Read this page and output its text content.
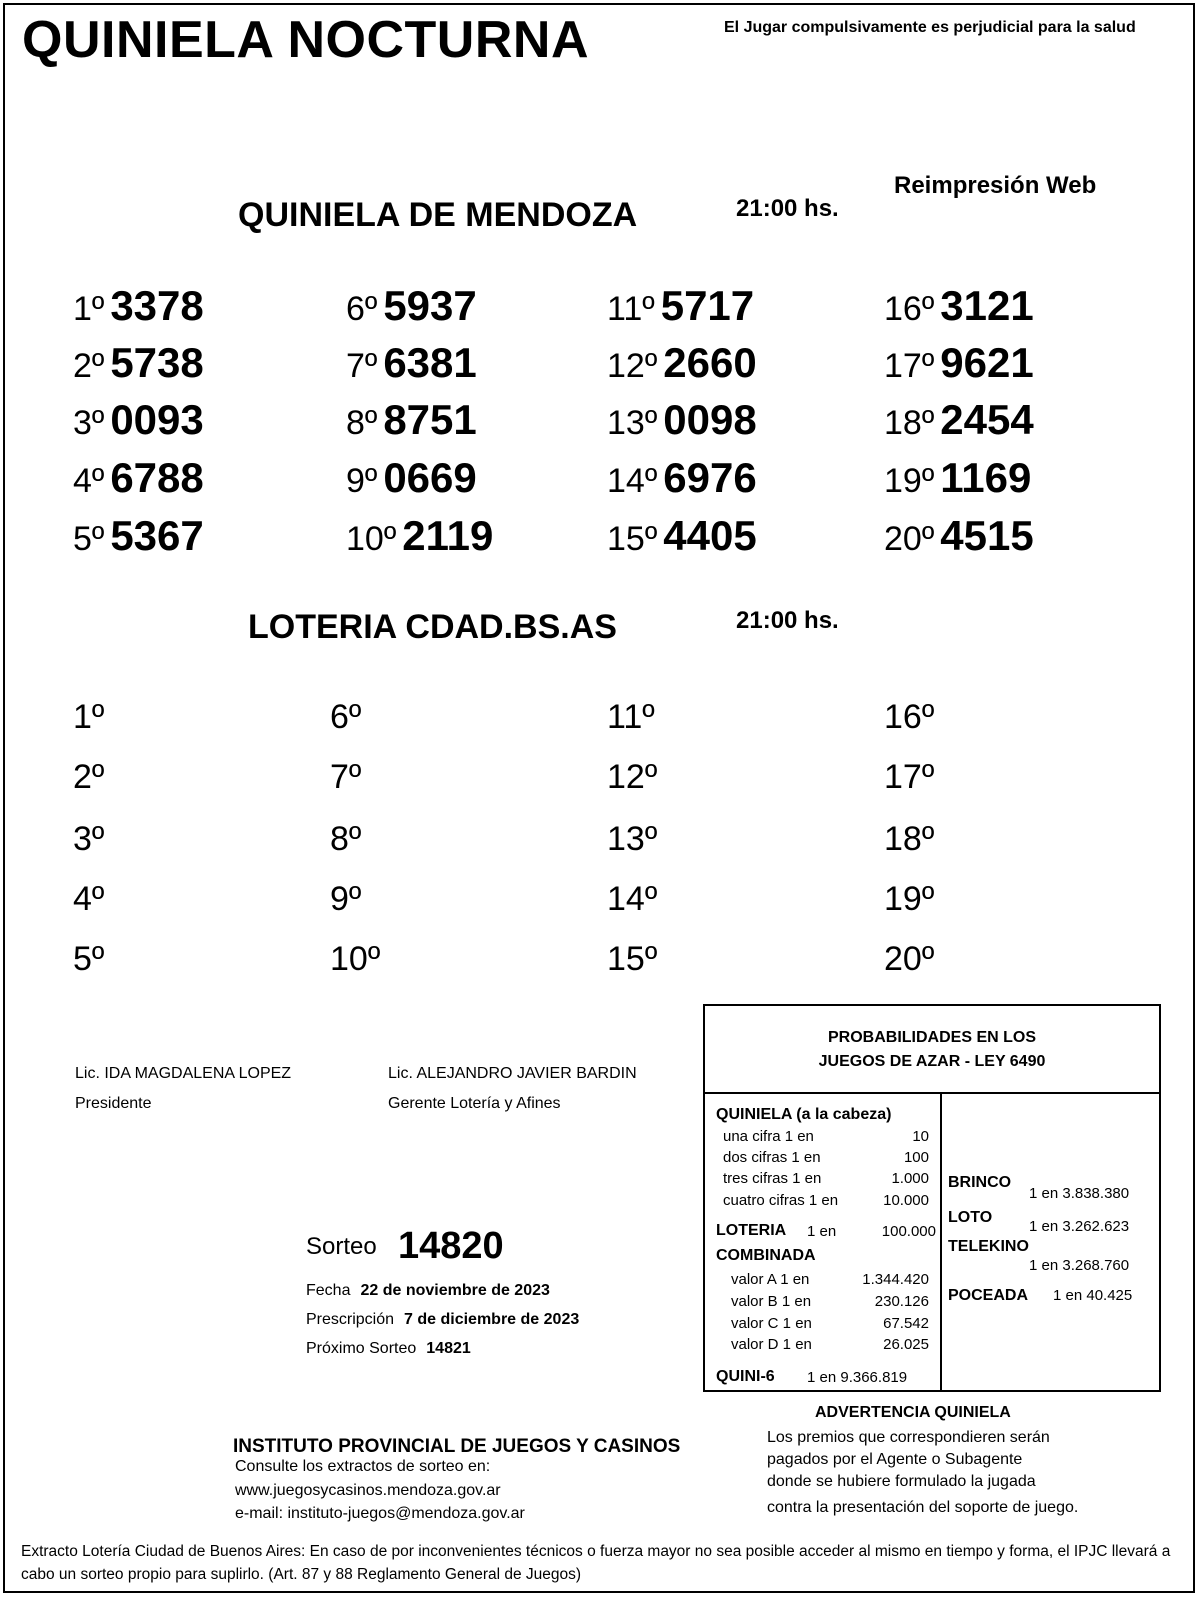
QUINIELA NOCTURNA	El Jugar compulsivamente es perjudicial para la salud
Reimpresión Web
QUINIELA DE MENDOZA	21:00 hs.
1º 3378
2º 5738
3º 0093
4º 6788
5º 5367
6º 5937
7º 6381
8º 8751
9º 0669
10º 2119
11º 5717
12º 2660
13º 0098
14º 6976
15º 4405
16º 3121
17º 9621
18º 2454
19º 1169
20º 4515
LOTERIA CDAD.BS.AS	21:00 hs.
1º
2º
3º
4º
5º
6º
7º
8º
9º
10º
11º
12º
13º
14º
15º
16º
17º
18º
19º
20º
Lic. IDA MAGDALENA LOPEZ
Presidente
Lic. ALEJANDRO JAVIER BARDIN
Gerente Lotería y Afines
Sorteo 14820
Fecha 22 de noviembre de 2023
Prescripción 7 de diciembre de 2023
Próximo Sorteo 14821
PROBABILIDADES EN LOS
JUEGOS DE AZAR - LEY 6490
QUINIELA (a la cabeza)
una cifra 1 en	10
dos cifras 1 en	100
tres cifras 1 en	1.000
cuatro cifras 1 en	10.000
LOTERIA 1 en	100.000
COMBINADA
valor A 1 en	1.344.420
valor B 1 en	230.126
valor C 1 en	67.542
valor D 1 en	26.025
QUINI-6 1 en 9.366.819
BRINCO
1 en 3.838.380
LOTO
1 en 3.262.623
TELEKINO
1 en 3.268.760
POCEADA 1 en 40.425
ADVERTENCIA QUINIELA
Los premios que correspondieren serán
pagados por el Agente o Subagente
donde se hubiere formulado la jugada
contra la presentación del soporte de juego.
INSTITUTO PROVINCIAL DE JUEGOS Y CASINOS
Consulte los extractos de sorteo en:
www.juegosycasinos.mendoza.gov.ar
e-mail: instituto-juegos@mendoza.gov.ar
Extracto Lotería Ciudad de Buenos Aires: En caso de por inconvenientes técnicos o fuerza mayor no sea posible acceder al mismo en tiempo y forma, el IPJC llevará a cabo un sorteo propio para suplirlo. (Art. 87 y 88 Reglamento General de Juegos)
